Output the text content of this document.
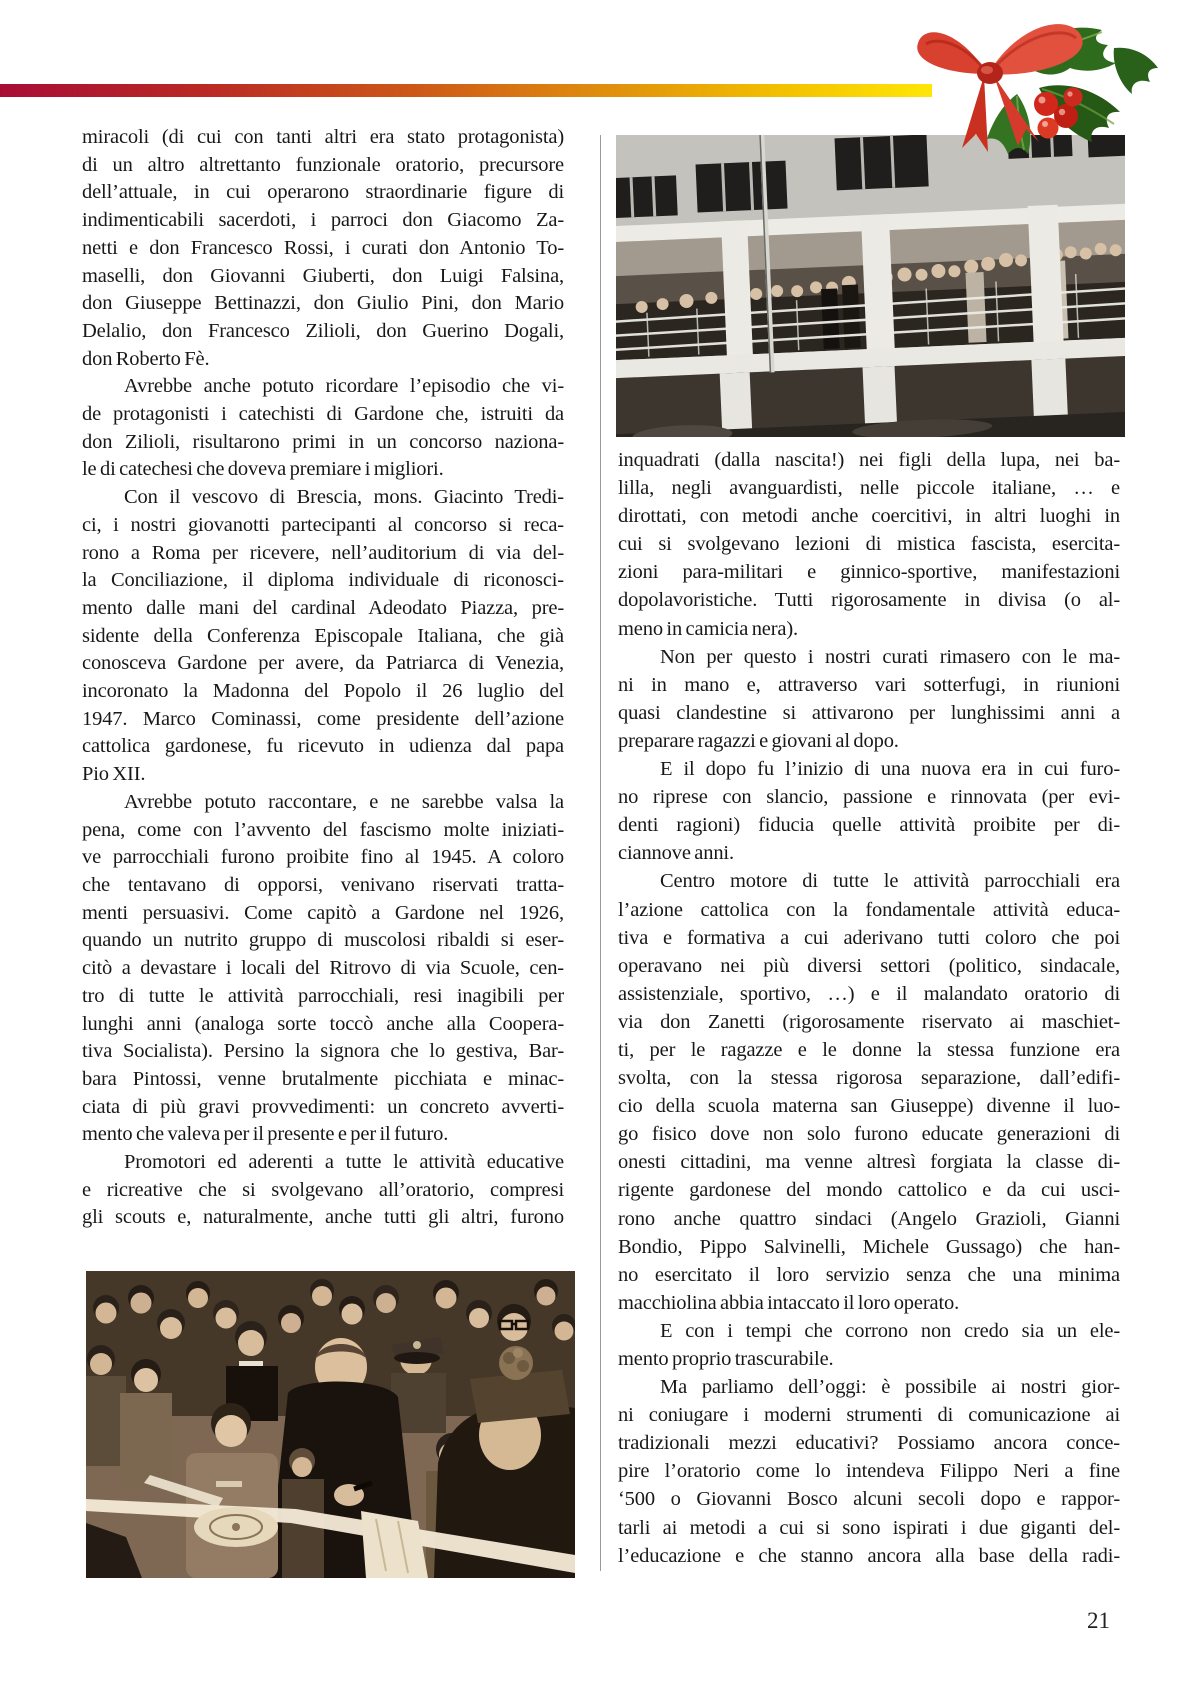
miracoli (di cui con tanti altri era stato protagonista)
di un altro altrettanto funzionale oratorio, precursore
dell’attuale, in cui operarono straordinarie figure di
indimenticabili sacerdoti, i parroci don Giacomo Za-
netti e don Francesco Rossi, i curati don Antonio To-
maselli, don Giovanni Giuberti, don Luigi Falsina,
don Giuseppe Bettinazzi, don Giulio Pini, don Mario
Delalio, don Francesco Zilioli, don Guerino Dogali,
don Roberto Fè.
Avrebbe anche potuto ricordare l’episodio che vi-
de protagonisti i catechisti di Gardone che, istruiti da
don Zilioli, risultarono primi in un concorso naziona-
le di catechesi che doveva premiare i migliori.
Con il vescovo di Brescia, mons. Giacinto Tredi-
ci, i nostri giovanotti partecipanti al concorso si reca-
rono a Roma per ricevere, nell’auditorium di via del-
la Conciliazione, il diploma individuale di riconosci-
mento dalle mani del cardinal Adeodato Piazza, pre-
sidente della Conferenza Episcopale Italiana, che già
conosceva Gardone per avere, da Patriarca di Venezia,
incoronato la Madonna del Popolo il 26 luglio del
1947. Marco Cominassi, come presidente dell’azione
cattolica gardonese, fu ricevuto in udienza dal papa
Pio XII.
Avrebbe potuto raccontare, e ne sarebbe valsa la
pena, come con l’avvento del fascismo molte iniziati-
ve parrocchiali furono proibite fino al 1945. A coloro
che tentavano di opporsi, venivano riservati tratta-
menti persuasivi. Come capitò a Gardone nel 1926,
quando un nutrito gruppo di muscolosi ribaldi si eser-
citò a devastare i locali del Ritrovo di via Scuole, cen-
tro di tutte le attività parrocchiali, resi inagibili per
lunghi anni (analoga sorte toccò anche alla Coopera-
tiva Socialista). Persino la signora che lo gestiva, Bar-
bara Pintossi, venne brutalmente picchiata e minac-
ciata di più gravi provvedimenti: un concreto avverti-
mento che valeva per il presente e per il futuro.
Promotori ed aderenti a tutte le attività educative
e ricreative che si svolgevano all’oratorio, compresi
gli scouts e, naturalmente, anche tutti gli altri, furono
inquadrati (dalla nascita!) nei figli della lupa, nei ba-
lilla, negli avanguardisti, nelle piccole italiane, … e
dirottati, con metodi anche coercitivi, in altri luoghi in
cui si svolgevano lezioni di mistica fascista, esercita-
zioni para-militari e ginnico-sportive, manifestazioni
dopolavoristiche. Tutti rigorosamente in divisa (o al-
meno in camicia nera).
Non per questo i nostri curati rimasero con le ma-
ni in mano e, attraverso vari sotterfugi, in riunioni
quasi clandestine si attivarono per lunghissimi anni a
preparare ragazzi e giovani al dopo.
E il dopo fu l’inizio di una nuova era in cui furo-
no riprese con slancio, passione e rinnovata (per evi-
denti ragioni) fiducia quelle attività proibite per di-
ciannove anni.
Centro motore di tutte le attività parrocchiali era
l’azione cattolica con la fondamentale attività educa-
tiva e formativa a cui aderivano tutti coloro che poi
operavano nei più diversi settori (politico, sindacale,
assistenziale, sportivo, …) e il malandato oratorio di
via don Zanetti (rigorosamente riservato ai maschiet-
ti, per le ragazze e le donne la stessa funzione era
svolta, con la stessa rigorosa separazione, dall’edifi-
cio della scuola materna san Giuseppe) divenne il luo-
go fisico dove non solo furono educate generazioni di
onesti cittadini, ma venne altresì forgiata la classe di-
rigente gardonese del mondo cattolico e da cui usci-
rono anche quattro sindaci (Angelo Grazioli, Gianni
Bondio, Pippo Salvinelli, Michele Gussago) che han-
no esercitato il loro servizio senza che una minima
macchiolina abbia intaccato il loro operato.
E con i tempi che corrono non credo sia un ele-
mento proprio trascurabile.
Ma parliamo dell’oggi: è possibile ai nostri gior-
ni coniugare i moderni strumenti di comunicazione ai
tradizionali mezzi educativi? Possiamo ancora conce-
pire l’oratorio come lo intendeva Filippo Neri a fine
‘500 o Giovanni Bosco alcuni secoli dopo e rappor-
tarli ai metodi a cui si sono ispirati i due giganti del-
l’educazione e che stanno ancora alla base della radi-
21
